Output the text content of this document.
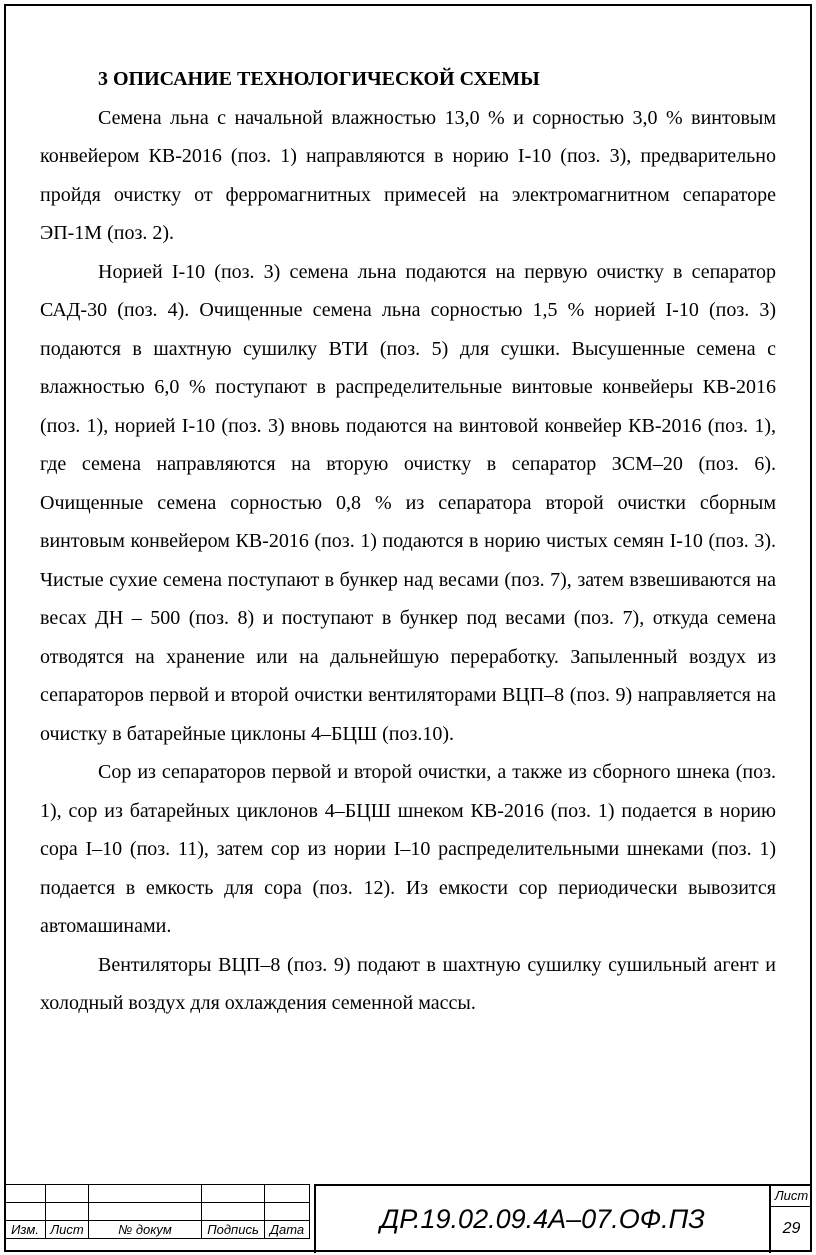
3 ОПИСАНИЕ ТЕХНОЛОГИЧЕСКОЙ СХЕМЫ

Семена льна с начальной влажностью 13,0 % и сорностью 3,0 % винтовым конвейером КВ-2016 (поз. 1) направляются в норию I-10 (поз. 3), предварительно пройдя очистку от ферромагнитных примесей на электромагнитном сепараторе ЭП-1М (поз. 2).

Норией I-10 (поз. 3) семена льна подаются на первую очистку в сепаратор САД-30 (поз. 4). Очищенные семена льна сорностью 1,5 % норией I-10 (поз. 3) подаются в шахтную сушилку ВТИ (поз. 5) для сушки. Высушенные семена с влажностью 6,0 % поступают в распределительные винтовые конвейеры КВ-2016 (поз. 1), норией I-10 (поз. 3) вновь подаются на винтовой конвейер КВ-2016 (поз. 1), где семена направляются на вторую очистку в сепаратор ЗСМ–20 (поз. 6). Очищенные семена сорностью 0,8 % из сепаратора второй очистки сборным винтовым конвейером КВ-2016 (поз. 1) подаются в норию чистых семян I-10 (поз. 3). Чистые сухие семена поступают в бункер над весами (поз. 7), затем взвешиваются на весах ДН – 500 (поз. 8) и поступают в бункер под весами (поз. 7), откуда семена отводятся на хранение или на дальнейшую переработку. Запыленный воздух из сепараторов первой и второй очистки вентиляторами ВЦП–8 (поз. 9) направляется на очистку в батарейные циклоны 4–БЦШ (поз.10).

Сор из сепараторов первой и второй очистки, а также из сборного шнека (поз. 1), сор из батарейных циклонов 4–БЦШ шнеком КВ-2016 (поз. 1) подается в норию сора I–10 (поз. 11), затем сор из нории I–10 распределительными шнеками (поз. 1) подается в емкость для сора (поз. 12). Из емкости сор периодически вывозится автомашинами.

Вентиляторы ВЦП–8 (поз. 9) подают в шахтную сушилку сушильный агент и холодный воздух для охлаждения семенной массы.

Изм.	Лист	№ докум	Подпись	Дата	ДР.19.02.09.4А–07.ОФ.ПЗ
Лист
29
